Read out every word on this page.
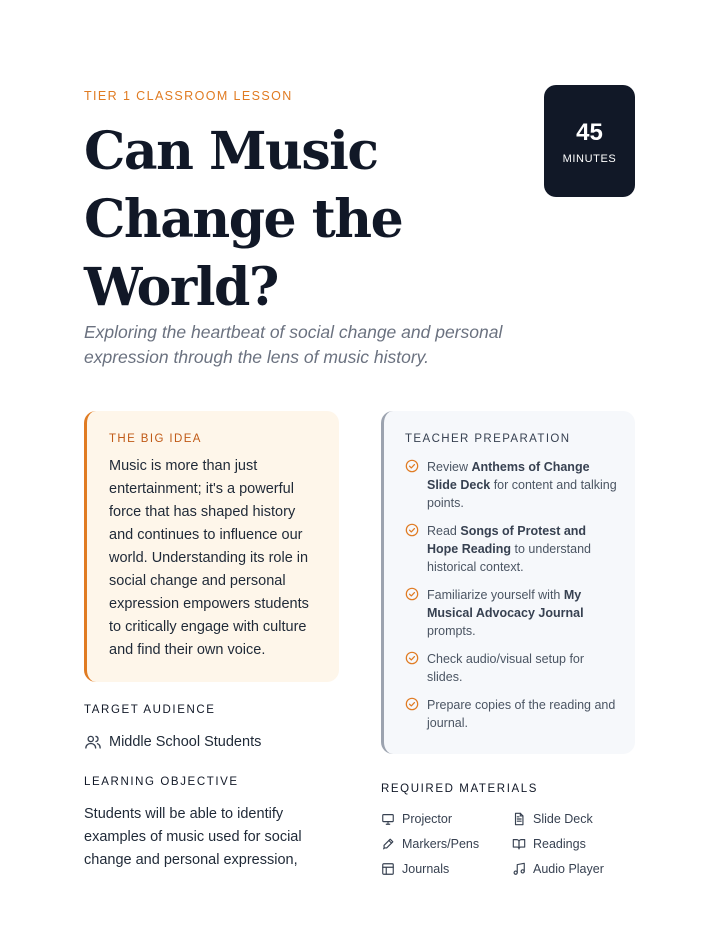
TIER 1 CLASSROOM LESSON
Can Music Change the World?

Exploring the heartbeat of social change and personal expression through the lens of music history.

45
MINUTES
THE BIG IDEA

Music is more than just entertainment; it's a powerful force that has shaped history and continues to influence our world. Understanding its role in social change and personal expression empowers students to critically engage with culture and find their own voice.

TEACHER PREPARATION
Review Anthems of Change Slide Deck for content and talking points.
Read Songs of Protest and Hope Reading to understand historical context.
Familiarize yourself with My Musical Advocacy Journal prompts.
Check audio/visual setup for slides.
Prepare copies of the reading and journal.
TARGET AUDIENCE
Middle School Students
LEARNING OBJECTIVE

Students will be able to identify examples of music used for social change and personal expression,

REQUIRED MATERIALS
Projector	Slide Deck
Markers/Pens	Readings
Journals	Audio Player
